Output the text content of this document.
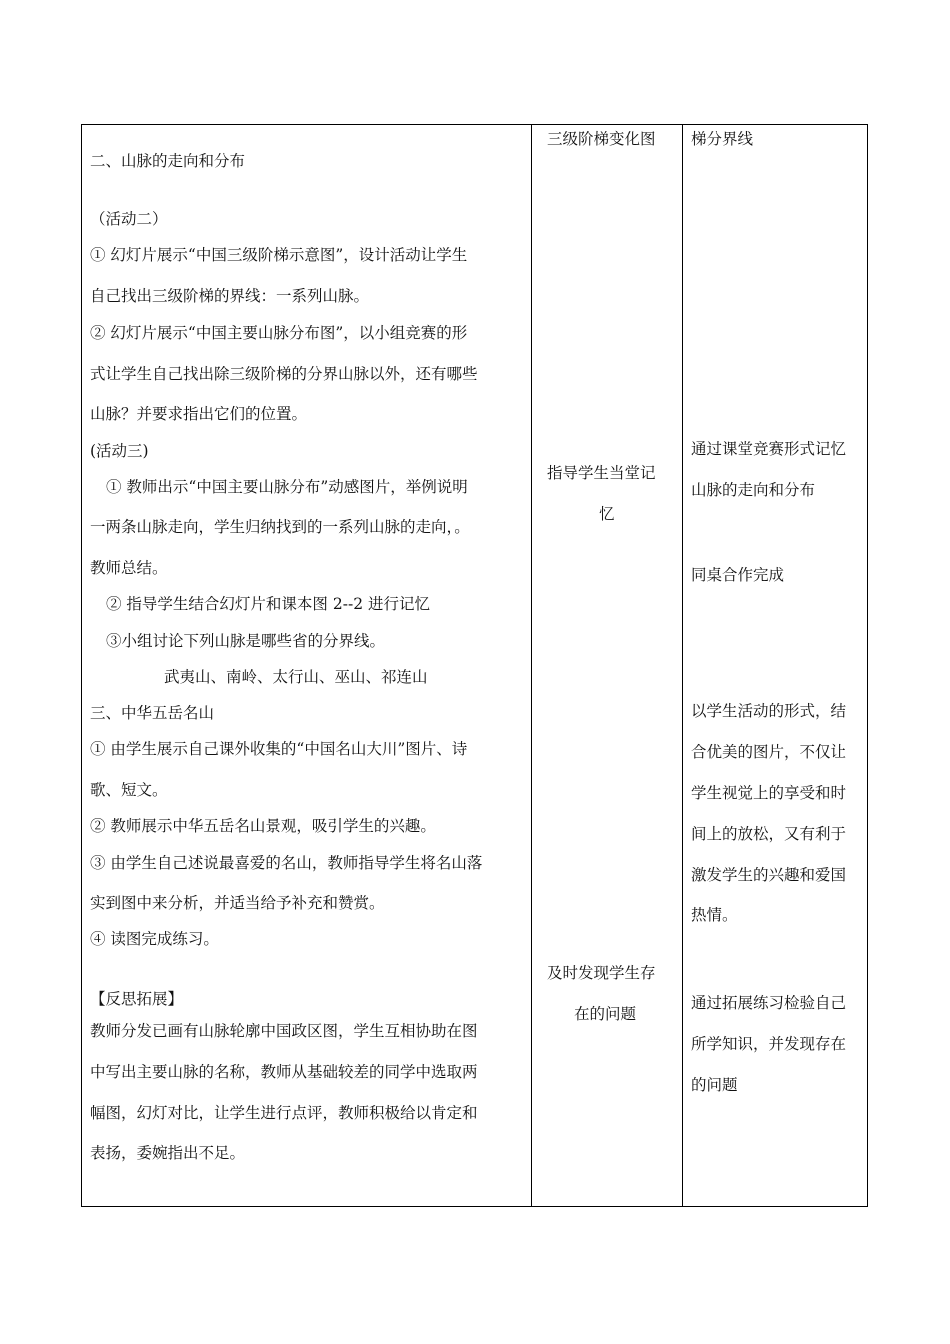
二、山脉的走向和分布
（活动二）
① 幻灯片展示“中国三级阶梯示意图”，设计活动让学生
自己找出三级阶梯的界线：一系列山脉。
② 幻灯片展示“中国主要山脉分布图”，以小组竞赛的形
式让学生自己找出除三级阶梯的分界山脉以外，还有哪些
山脉？并要求指出它们的位置。
(活动三)
① 教师出示“中国主要山脉分布”动感图片，举例说明
一两条山脉走向，学生归纳找到的一系列山脉的走向，。
教师总结。
② 指导学生结合幻灯片和课本图 2--2 进行记忆
③小组讨论下列山脉是哪些省的分界线。
武夷山、南岭、太行山、巫山、祁连山
三、中华五岳名山
① 由学生展示自己课外收集的“中国名山大川”图片、诗
歌、短文。
② 教师展示中华五岳名山景观，吸引学生的兴趣。
③ 由学生自己述说最喜爱的名山，教师指导学生将名山落
实到图中来分析，并适当给予补充和赞赏。
④ 读图完成练习。
【反思拓展】
教师分发已画有山脉轮廓中国政区图，学生互相协助在图
中写出主要山脉的名称，教师从基础较差的同学中选取两
幅图，幻灯对比，让学生进行点评，教师积极给以肯定和
表扬，委婉指出不足。
三级阶梯变化图
指导学生当堂记
忆
及时发现学生存
在的问题
梯分界线
通过课堂竞赛形式记忆
山脉的走向和分布
同桌合作完成
以学生活动的形式，结
合优美的图片，不仅让
学生视觉上的享受和时
间上的放松，又有利于
激发学生的兴趣和爱国
热情。
通过拓展练习检验自己
所学知识，并发现存在
的问题
